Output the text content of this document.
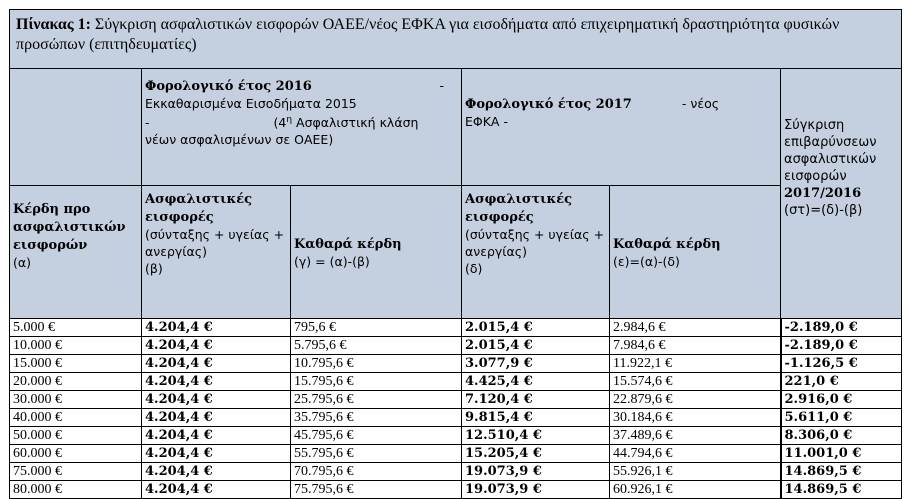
Πίνακας 1: Σύγκριση ασφαλιστικών εισφορών ΟΑΕΕ/νέος ΕΦΚΑ για εισοδήματα από επιχειρηματική δραστηριότητα φυσικών προσώπων (επιτηδευματίες)					
	Φορολογικό έτος 2016 -

Εκκαθαρισμένα Εισοδήματα 2015
- ($4^\eta$ Ασφαλιστική κλάση
νέων ασφαλισμένων σε ΟΑΕΕ)		Φορολογικό έτος 2017 - νέος
ΕΦΚΑ -		Σύγκριση επιβαρύνσεων ασφαλιστικών εισφορών
2017/2016
(στ)=(δ)-(β)
Κέρδη προ ασφαλιστικών εισφορών
(α)	Ασφαλιστικές εισφορές
(σύνταξης + υγείας + ανεργίας)
(β)	Καθαρά κέρδη
(γ) = (α)-(β)	Ασφαλιστικές εισφορές
(σύνταξης + υγείας + ανεργίας)
(δ)	Καθαρά κέρδη
(ε)=(α)-(δ)	
5.000 €	4.204,4 €	795,6 €	2.015,4 €	2.984,6 €	-2.189,0 €
10.000 €	4.204,4 €	5.795,6 €	2.015,4 €	7.984,6 €	-2.189,0 €
15.000 €	4.204,4 €	10.795,6 €	3.077,9 €	11.922,1 €	-1.126,5 €
20.000 €	4.204,4 €	15.795,6 €	4.425,4 €	15.574,6 €	221,0 €
30.000 €	4.204,4 €	25.795,6 €	7.120,4 €	22.879,6 €	2.916,0 €
40.000 €	4.204,4 €	35.795,6 €	9.815,4 €	30.184,6 €	5.611,0 €
50.000 €	4.204,4 €	45.795,6 €	12.510,4 €	37.489,6 €	8.306,0 €
60.000 €	4.204,4 €	55.795,6 €	15.205,4 €	44.794,6 €	11.001,0 €
75.000 €	4.204,4 €	70.795,6 €	19.073,9 €	55.926,1 €	14.869,5 €
80.000 €	4.204,4 €	75.795,6 €	19.073,9 €	60.926,1 €	14.869,5 €
